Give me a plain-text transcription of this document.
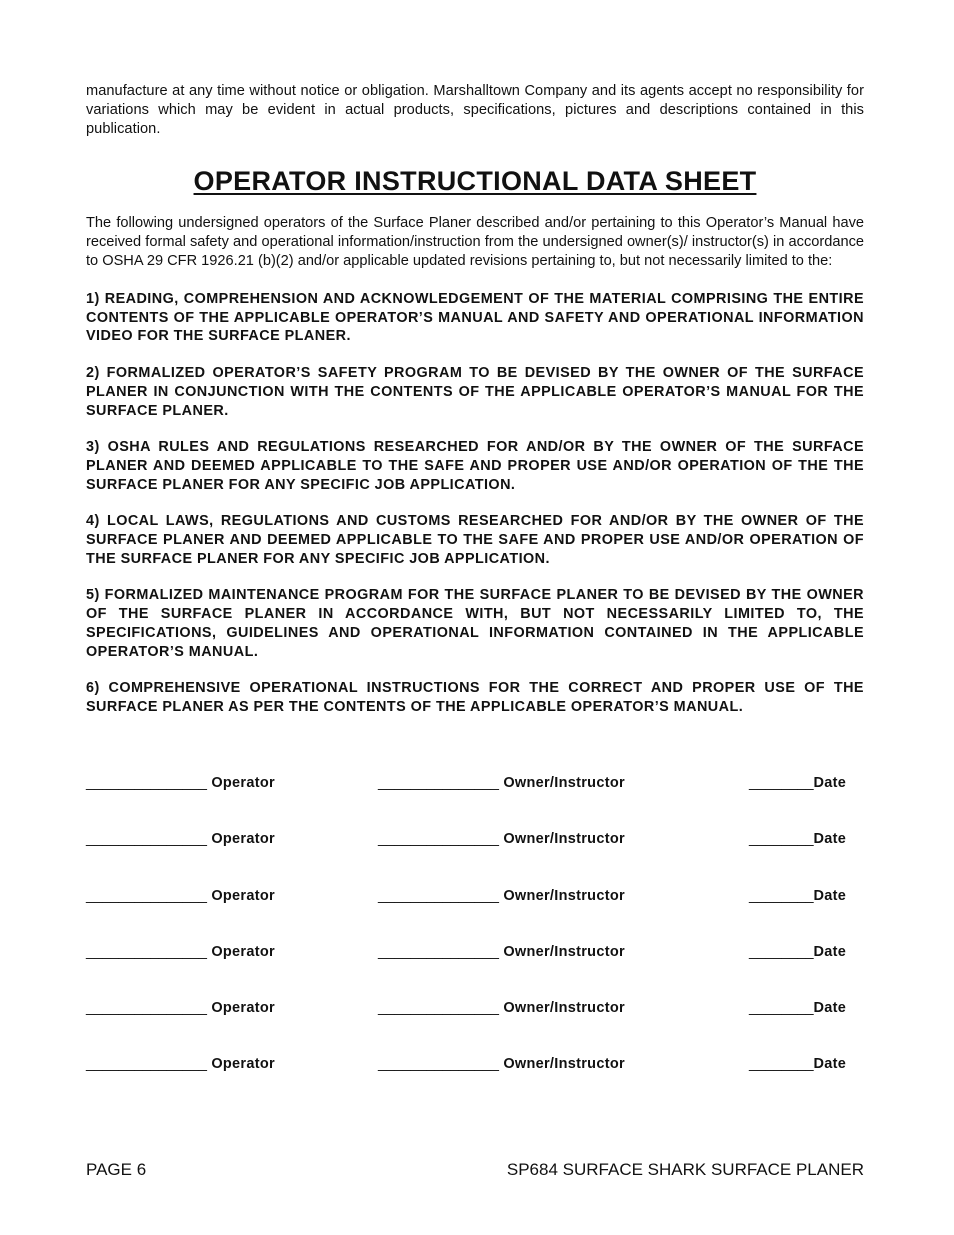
manufacture at any time without notice or obligation. Marshalltown Company and its agents accept no responsibility for variations which may be evident in actual products, specifications, pictures and descriptions contained in this publication.

OPERATOR INSTRUCTIONAL DATA SHEET

The following undersigned operators of the Surface Planer described and/or pertaining to this Operator’s Manual have received formal safety and operational information/instruction from the undersigned owner(s)/ instructor(s) in accordance to OSHA 29 CFR 1926.21 (b)(2) and/or applicable updated revisions pertaining to, but not necessarily limited to the:

1) READING, COMPREHENSION AND ACKNOWLEDGEMENT OF THE MATERIAL COMPRISING THE ENTIRE CONTENTS OF THE APPLICABLE OPERATOR’S MANUAL AND SAFETY AND OPERATIONAL INFORMATION VIDEO FOR THE SURFACE PLANER.

2) FORMALIZED OPERATOR’S SAFETY PROGRAM TO BE DEVISED BY THE OWNER OF THE SURFACE PLANER IN CONJUNCTION WITH THE CONTENTS OF THE APPLICABLE OPERATOR’S MANUAL FOR THE SURFACE PLANER.

3) OSHA RULES AND REGULATIONS RESEARCHED FOR AND/OR BY THE OWNER OF THE SURFACE PLANER AND DEEMED APPLICABLE TO THE SAFE AND PROPER USE AND/OR OPERATION OF THE THE SURFACE PLANER FOR ANY SPECIFIC JOB APPLICATION.

4) LOCAL LAWS, REGULATIONS AND CUSTOMS RESEARCHED FOR AND/OR BY THE OWNER OF THE SURFACE PLANER AND DEEMED APPLICABLE TO THE SAFE AND PROPER USE AND/OR OPERATION OF THE SURFACE PLANER FOR ANY SPECIFIC JOB APPLICATION.

5) FORMALIZED MAINTENANCE PROGRAM FOR THE SURFACE PLANER TO BE DEVISED BY THE OWNER OF THE SURFACE PLANER IN ACCORDANCE WITH, BUT NOT NECESSARILY LIMITED TO, THE SPECIFICATIONS, GUIDELINES AND OPERATIONAL INFORMATION CONTAINED IN THE APPLICABLE OPERATOR’S MANUAL.

6) COMPREHENSIVE OPERATIONAL INSTRUCTIONS FOR THE CORRECT AND PROPER USE OF THE SURFACE PLANER AS PER THE CONTENTS OF THE APPLICABLE OPERATOR’S MANUAL.

_______________ Operator	_______________ Owner/Instructor	________Date
_______________ Operator	_______________ Owner/Instructor	________Date
_______________ Operator	_______________ Owner/Instructor	________Date
_______________ Operator	_______________ Owner/Instructor	________Date
_______________ Operator	_______________ Owner/Instructor	________Date
_______________ Operator	_______________ Owner/Instructor	________Date
PAGE 6	SP684 SURFACE SHARK SURFACE PLANER
